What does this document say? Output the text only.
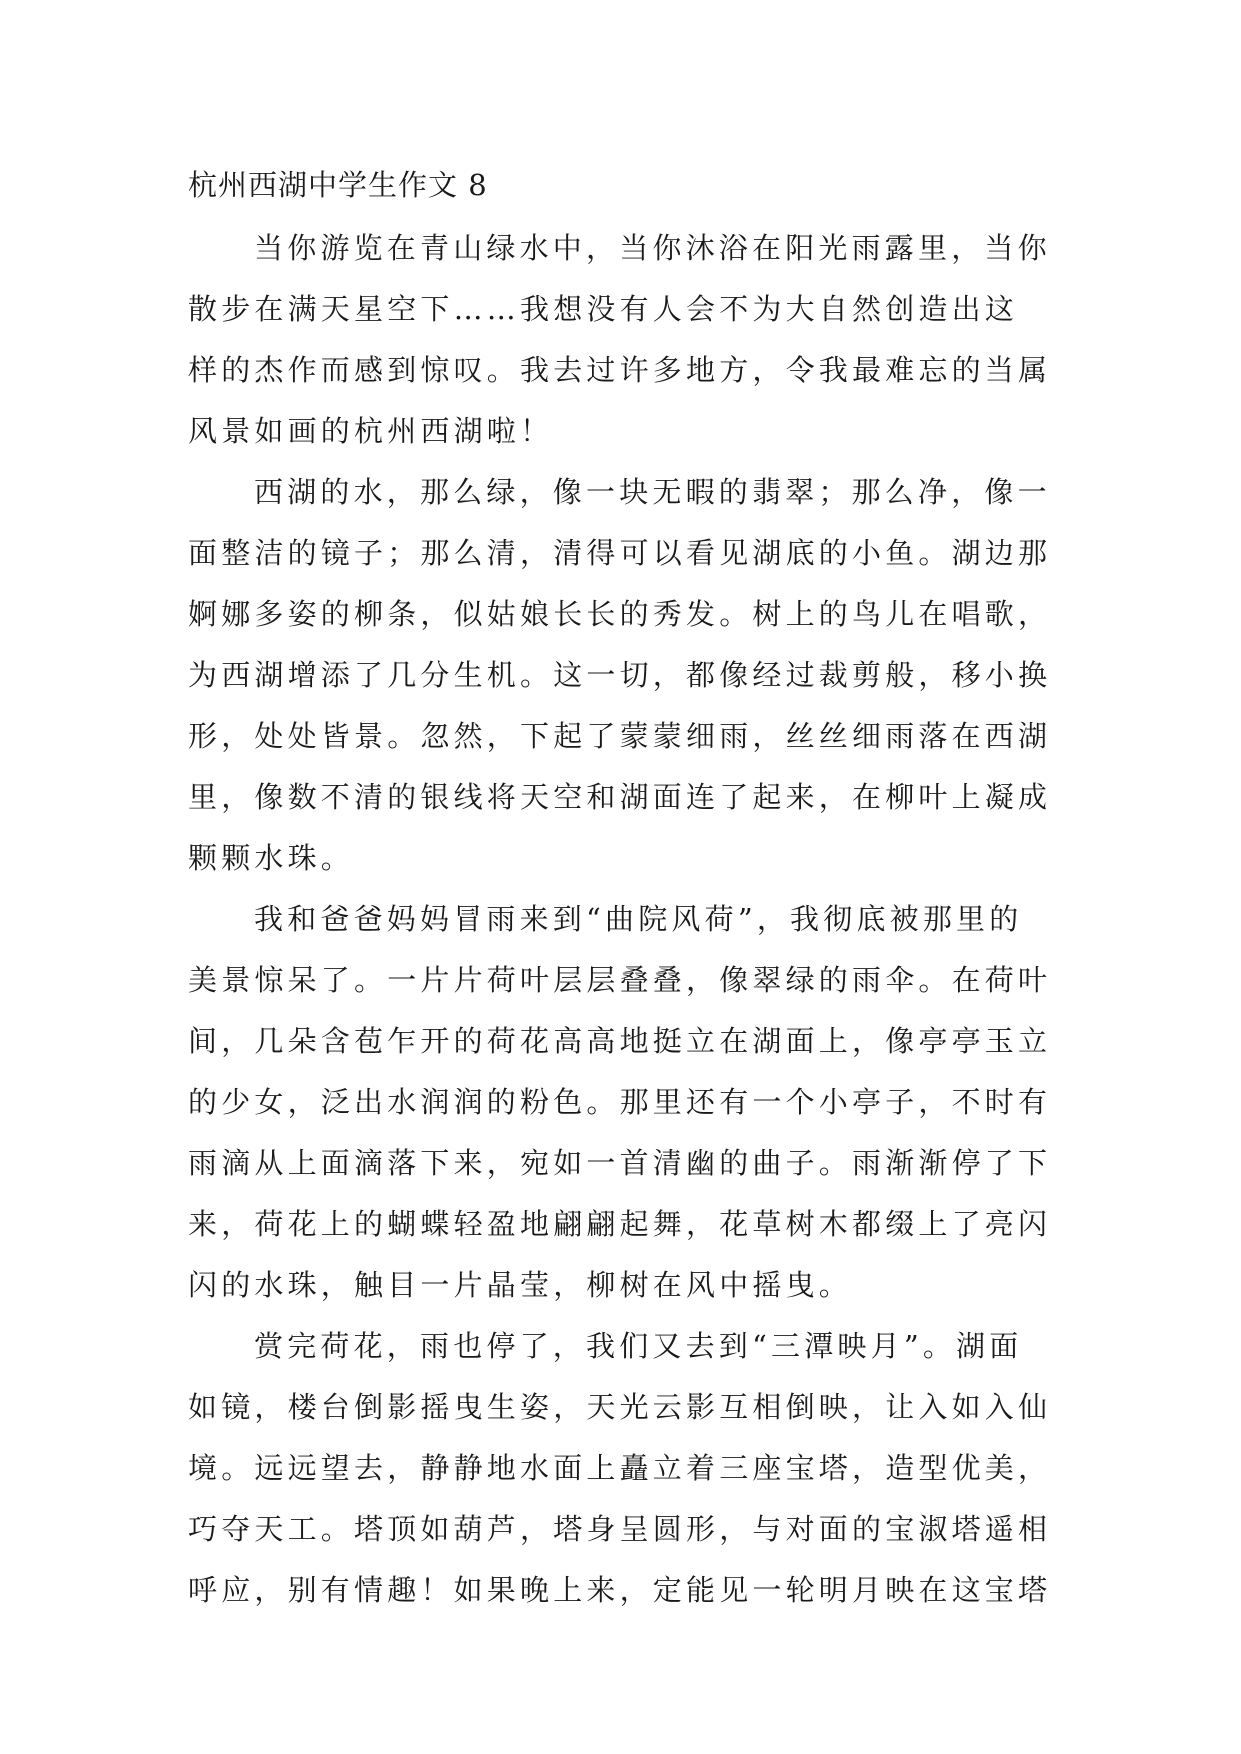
杭州西湖中学生作文 8
当你游览在青山绿水中，当你沐浴在阳光雨露里，当你
散步在满天星空下……我想没有人会不为大自然创造出这
样的杰作而感到惊叹。我去过许多地方，令我最难忘的当属
风景如画的杭州西湖啦！
西湖的水，那么绿，像一块无暇的翡翠；那么净，像一
面整洁的镜子；那么清，清得可以看见湖底的小鱼。湖边那
婀娜多姿的柳条，似姑娘长长的秀发。树上的鸟儿在唱歌，
为西湖增添了几分生机。这一切，都像经过裁剪般，移小换
形，处处皆景。忽然，下起了蒙蒙细雨，丝丝细雨落在西湖
里，像数不清的银线将天空和湖面连了起来，在柳叶上凝成
颗颗水珠。
我和爸爸妈妈冒雨来到“曲院风荷”，我彻底被那里的
美景惊呆了。一片片荷叶层层叠叠，像翠绿的雨伞。在荷叶
间，几朵含苞乍开的荷花高高地挺立在湖面上，像亭亭玉立
的少女，泛出水润润的粉色。那里还有一个小亭子，不时有
雨滴从上面滴落下来，宛如一首清幽的曲子。雨渐渐停了下
来，荷花上的蝴蝶轻盈地翩翩起舞，花草树木都缀上了亮闪
闪的水珠，触目一片晶莹，柳树在风中摇曳。
赏完荷花，雨也停了，我们又去到“三潭映月”。湖面
如镜，楼台倒影摇曳生姿，天光云影互相倒映，让入如入仙
境。远远望去，静静地水面上矗立着三座宝塔，造型优美，
巧夺天工。塔顶如葫芦，塔身呈圆形，与对面的宝淑塔遥相
呼应，别有情趣！如果晚上来，定能见一轮明月映在这宝塔
